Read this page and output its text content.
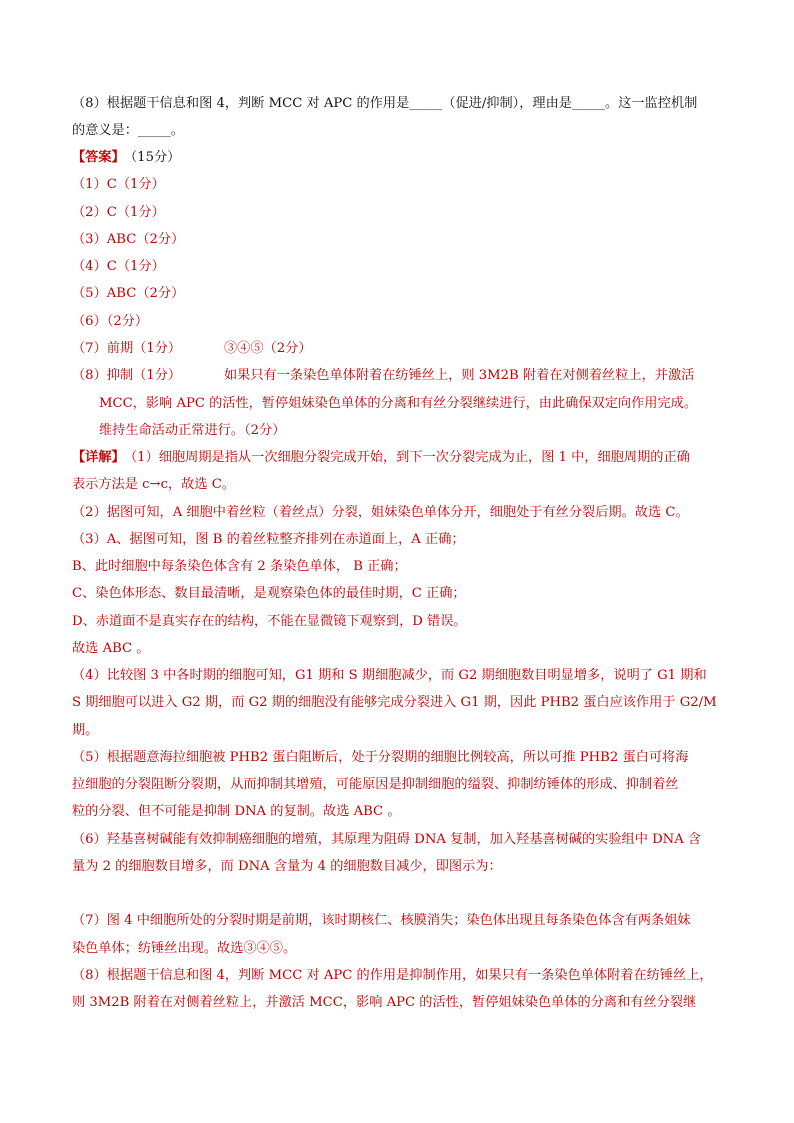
（8）根据题干信息和图 4，判断 MCC 对 APC 的作用是_____（促进/抑制），理由是_____。这一监控机制
的意义是：_____。
【答案】 （15分）
（1）C（1分）
（2）C（1分）
（3）ABC（2分）
（4）C（1分）
（5）ABC（2分）
（6）（2分）
（7）前期（1分）	③④⑤（2分）
（8）抑制（1分）	如果只有一条染色单体附着在纺锤丝上，则 3M2B 附着在对侧着丝粒上，并激活
MCC，影响 APC 的活性，暂停姐妹染色单体的分离和有丝分裂继续进行，由此确保双定向作用完成。
维持生命活动正常进行。（2分）
【详解】 （1）细胞周期是指从一次细胞分裂完成开始，到下一次分裂完成为止，图 1 中，细胞周期的正确
表示方法是 c→c，故选 C。
（2）据图可知，A 细胞中着丝粒（着丝点）分裂，姐妹染色单体分开，细胞处于有丝分裂后期。故选 C。
（3）A、据图可知，图 B 的着丝粒整齐排列在赤道面上，A 正确；
B、此时细胞中每条染色体含有 2 条染色单体， B 正确；
C、染色体形态、数目最清晰，是观察染色体的最佳时期，C 正确；
D、赤道面不是真实存在的结构，不能在显微镜下观察到，D 错误。
故选 ABC 。
（4）比较图 3 中各时期的细胞可知，G1 期和 S 期细胞减少，而 G2 期细胞数目明显增多，说明了 G1 期和
S 期细胞可以进入 G2 期，而 G2 期的细胞没有能够完成分裂进入 G1 期，因此 PHB2 蛋白应该作用于 G2/M
期。
（5）根据题意海拉细胞被 PHB2 蛋白阻断后，处于分裂期的细胞比例较高，所以可推 PHB2 蛋白可将海
拉细胞的分裂阻断分裂期，从而抑制其增殖，可能原因是抑制细胞的缢裂、抑制纺锤体的形成、抑制着丝
粒的分裂、但不可能是抑制 DNA 的复制。故选 ABC 。
（6）羟基喜树碱能有效抑制癌细胞的增殖，其原理为阻碍 DNA 复制，加入羟基喜树碱的实验组中 DNA 含
量为 2 的细胞数目增多，而 DNA 含量为 4 的细胞数目减少，即图示为：
（7）图 4 中细胞所处的分裂时期是前期，该时期核仁、核膜消失；染色体出现且每条染色体含有两条姐妹
染色单体；纺锤丝出现。故选③④⑤。
（8）根据题干信息和图 4，判断 MCC 对 APC 的作用是抑制作用，如果只有一条染色单体附着在纺锤丝上，
则 3M2B 附着在对侧着丝粒上，并激活 MCC，影响 APC 的活性，暂停姐妹染色单体的分离和有丝分裂继
